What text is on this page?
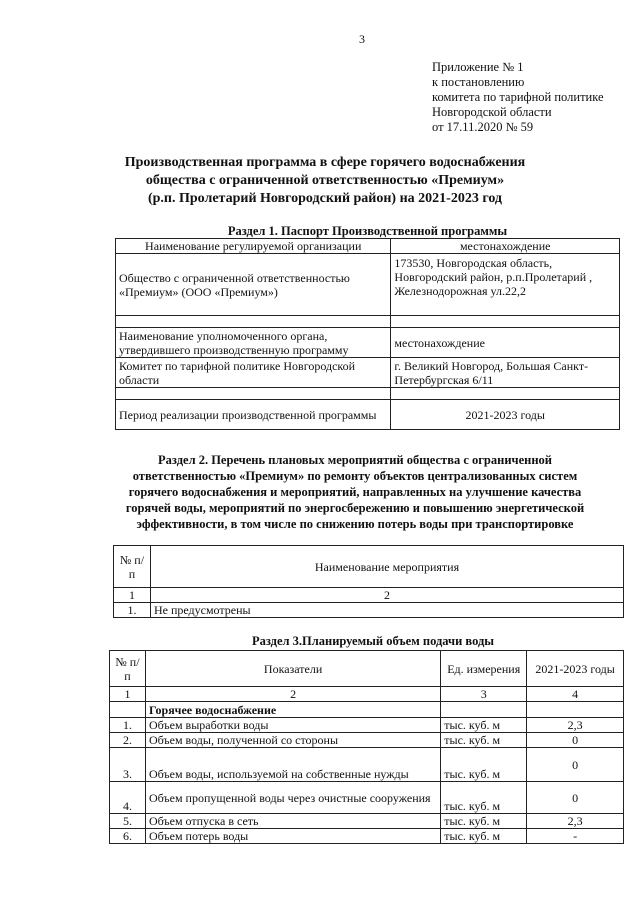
3
Приложение № 1
к постановлению
комитета по тарифной политике
Новгородской области
от 17.11.2020 № 59
Производственная программа в сфере горячего водоснабжения
общества с ограниченной ответственностью «Премиум»
(р.п. Пролетарий Новгородский район) на 2021-2023 год
Раздел 1. Паспорт Производственной программы
Наименование регулируемой организации	местонахождение
Общество с ограниченной ответственностью «Премиум» (ООО «Премиум»)	173530, Новгородская область, Новгородский район, р.п.Пролетарий , Железнодорожная ул.22,2

Наименование уполномоченного органа, утвердившего производственную программу	местонахождение
Комитет по тарифной политике Новгородской области	г. Великий Новгород, Большая Санкт-Петербургская 6/11

Период реализации производственной программы	2021-2023 годы
Раздел 2. Перечень плановых мероприятий общества с ограниченной
ответственностью «Премиум» по ремонту объектов централизованных систем
горячего водоснабжения и мероприятий, направленных на улучшение качества
горячей воды, мероприятий по энергосбережению и повышению энергетической
эффективности, в том числе по снижению потерь воды при транспортировке
№ п/п	Наименование мероприятия
1	2
1.	Не предусмотрены
Раздел 3.Планируемый объем подачи воды
№ п/п	Показатели	Ед. измерения	2021-2023 годы
1	2	3	4
	Горячее водоснабжение		
1.	Объем выработки воды	тыс. куб. м	2,3
2.	Объем воды, полученной со стороны	тыс. куб. м	0
3.	Объем воды, используемой на собственные нужды	тыс. куб. м	0
4.	Объем пропущенной воды через очистные сооружения	тыс. куб. м	0
5.	Объем отпуска в сеть	тыс. куб. м	2,3
6.	Объем потерь воды	тыс. куб. м	-
